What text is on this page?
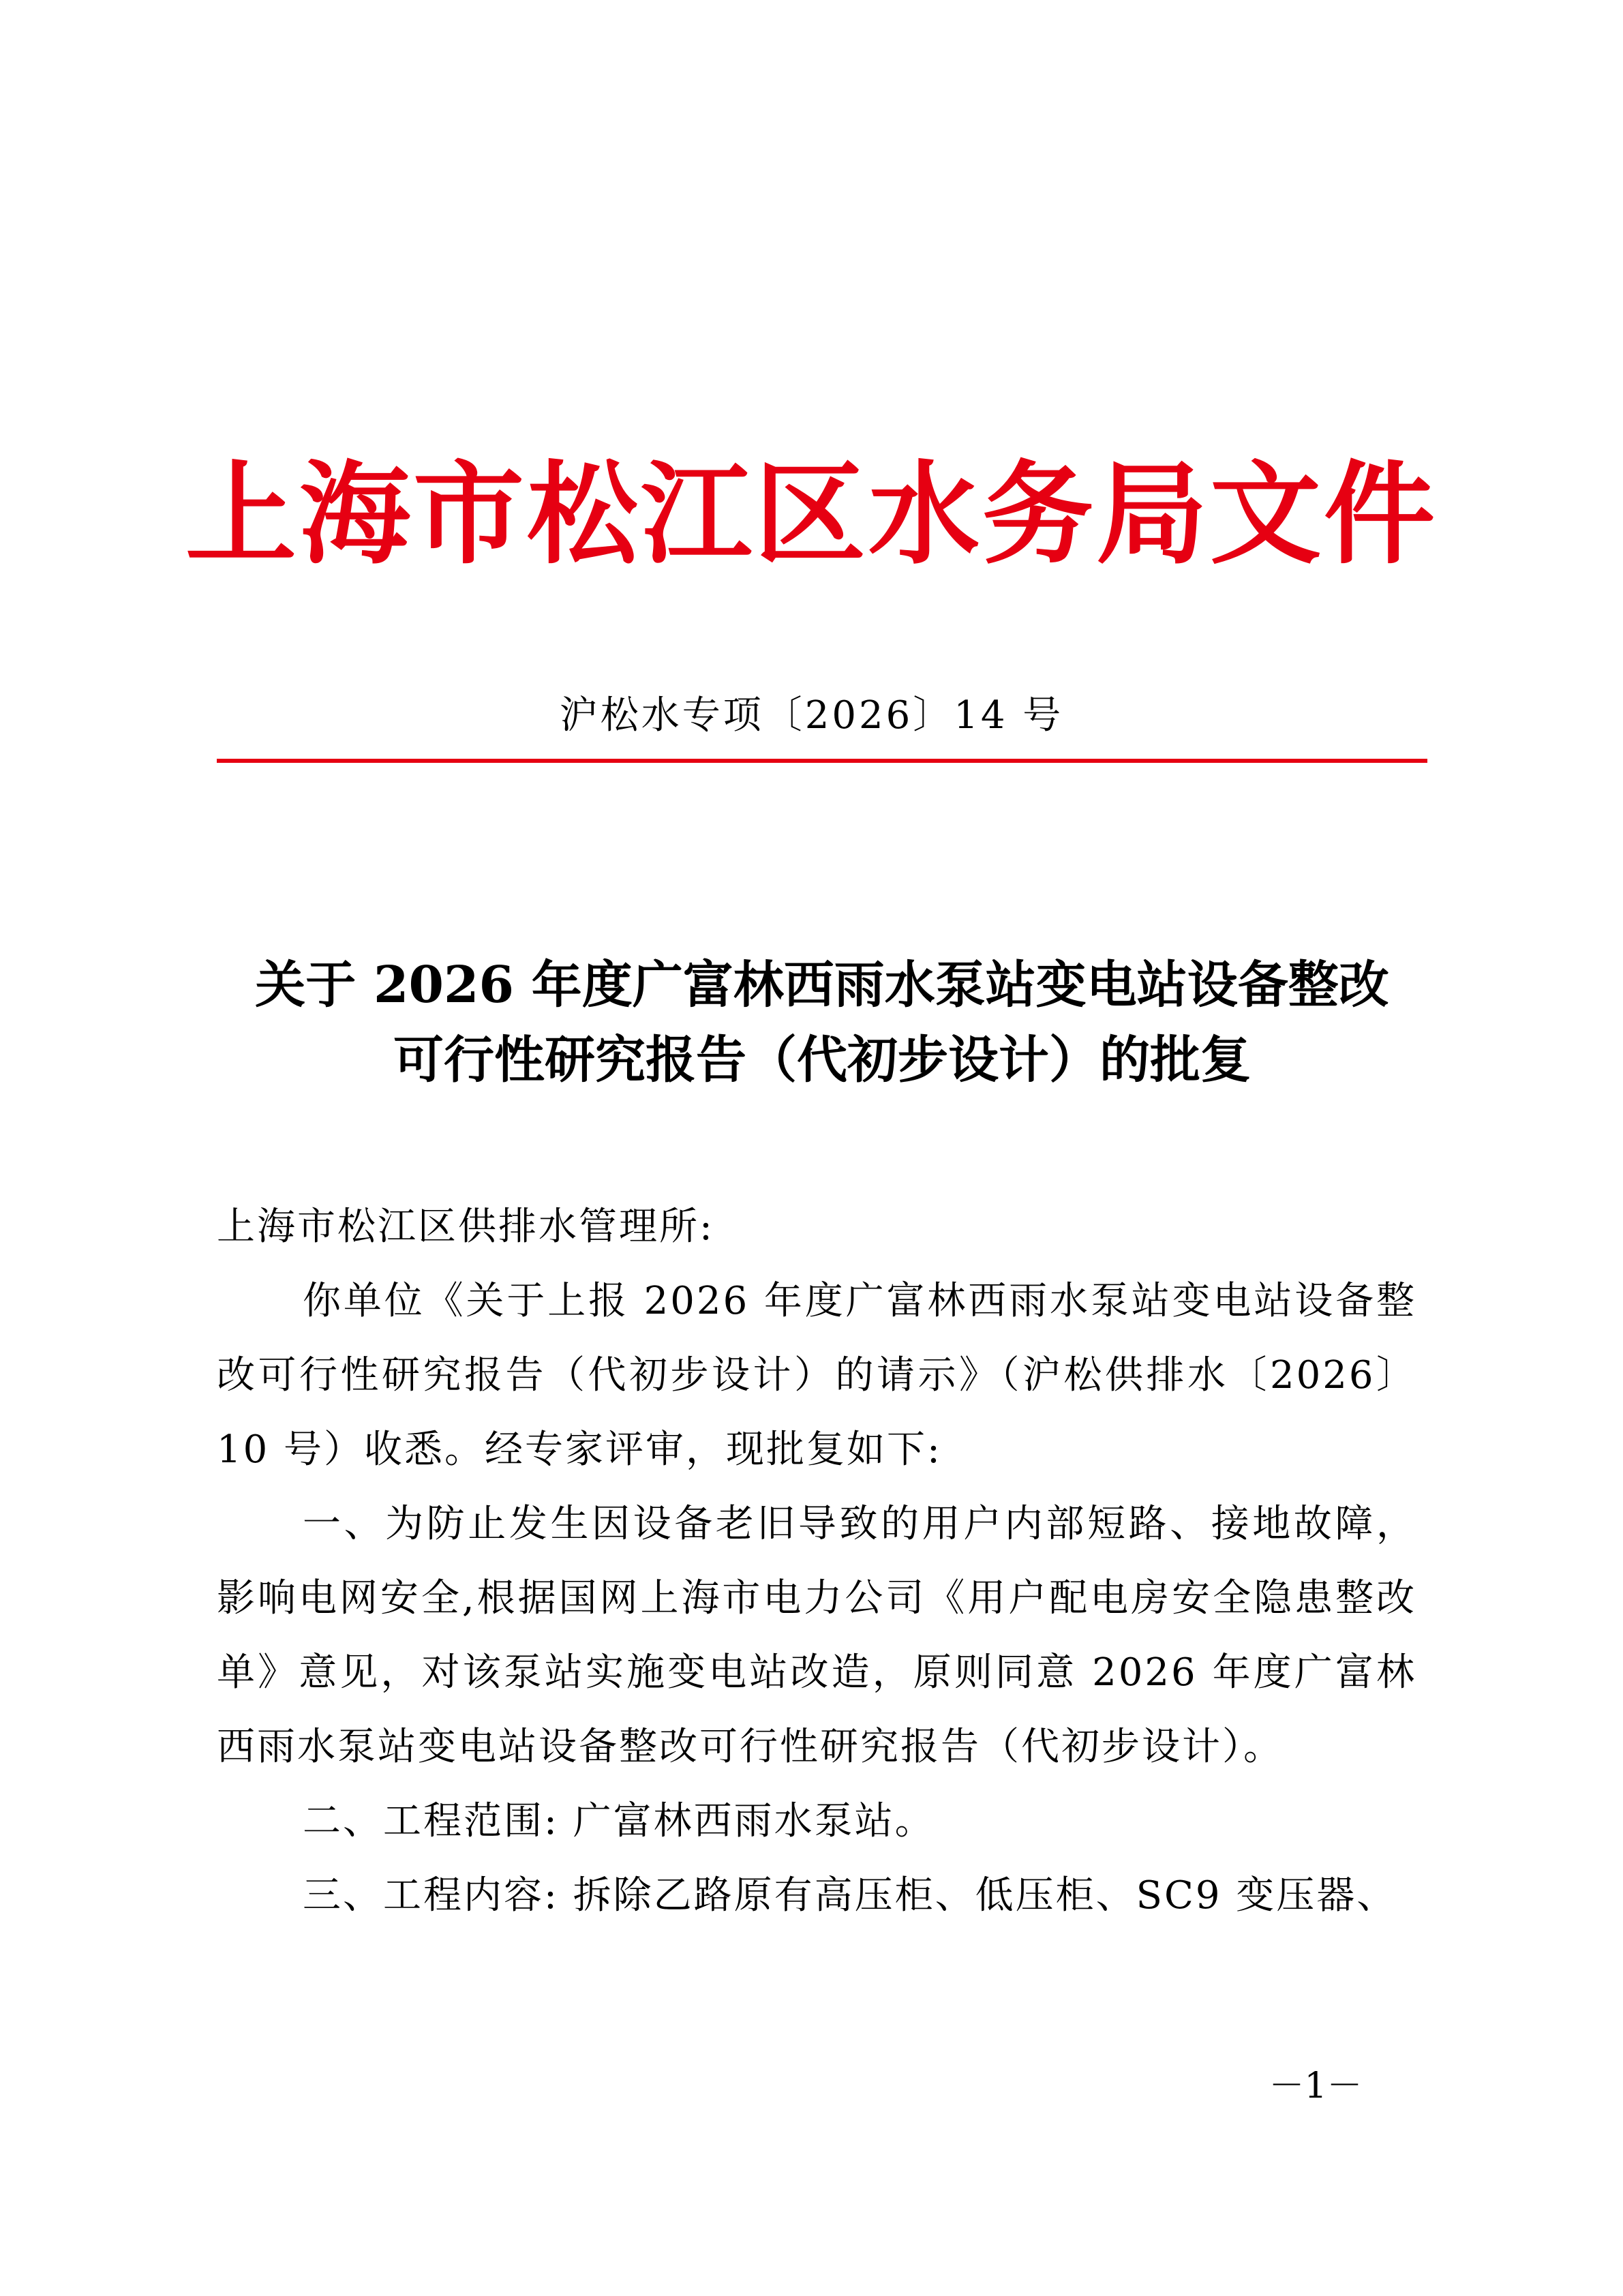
上海市松江区水务局文件
沪松水专项〔2026〕14 号
关于 2026 年度广富林西雨水泵站变电站设备整改
可行性研究报告（代初步设计）的批复
上海市松江区供排水管理所:
你单位《关于上报 2026 年度广富林西雨水泵站变电站设备整改可行性研究报告（代初步设计）的请示》（沪松供排水〔2026〕10 号）收悉。经专家评审，现批复如下:
一、为防止发生因设备老旧导致的用户内部短路、接地故障，影响电网安全,根据国网上海市电力公司《用户配电房安全隐患整改单》意见，对该泵站实施变电站改造，原则同意 2026 年度广富林西雨水泵站变电站设备整改可行性研究报告（代初步设计）。
二、工程范围: 广富林西雨水泵站。
三、工程内容: 拆除乙路原有高压柜、低压柜、SC9 变压器、
－1－
